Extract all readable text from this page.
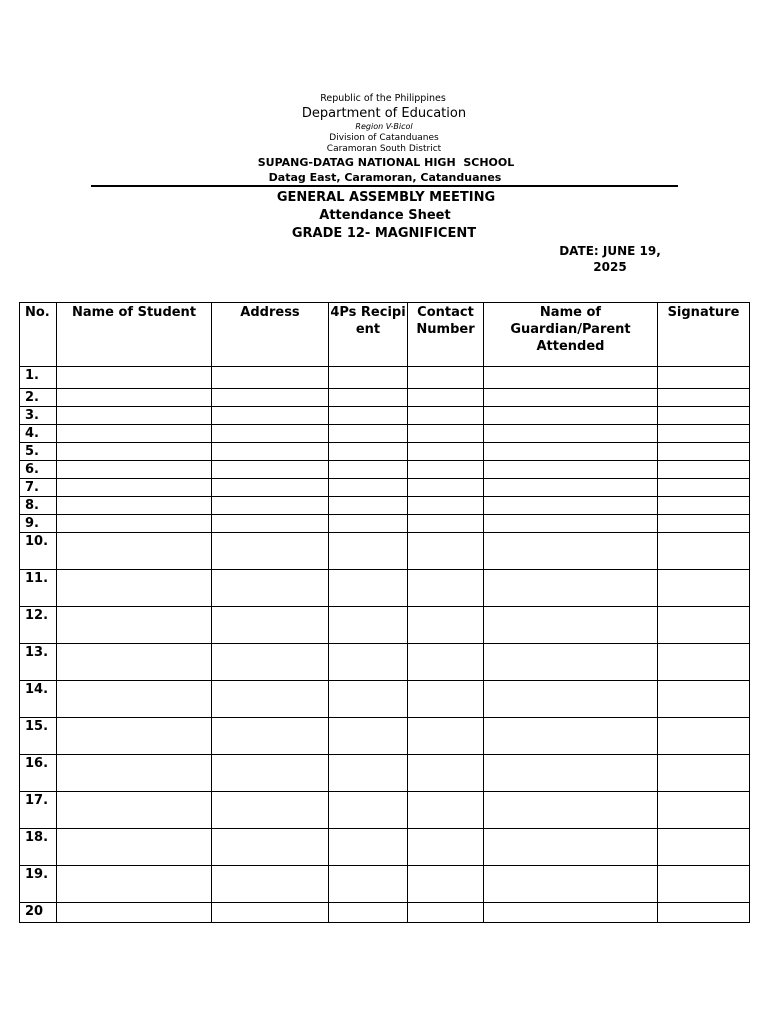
Republic of the Philippines
Department of Education
Region V-Bicol
Division of Catanduanes
Caramoran South District
SUPANG-DATAG NATIONAL HIGH  SCHOOL
Datag East, Caramoran, Catanduanes
GENERAL ASSEMBLY MEETING
Attendance Sheet
GRADE 12- MAGNIFICENT
DATE: JUNE 19, 2025
No.	Name of Student	Address	4Ps Recipient	Contact Number	Name of Guardian/Parent Attended	Signature
1.						
2.						
3.						
4.						
5.						
6.						
7.						
8.						
9.						
10.						
11.						
12.						
13.						
14.						
15.						
16.						
17.						
18.						
19.						
20						
